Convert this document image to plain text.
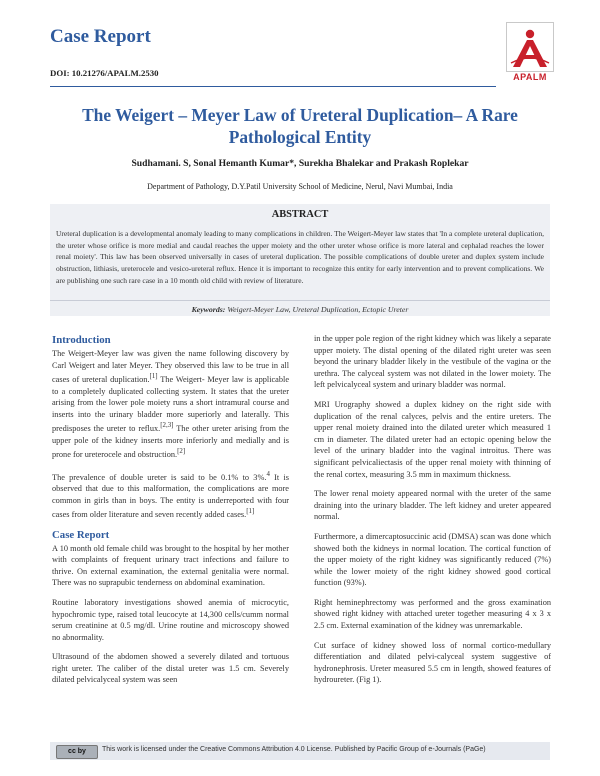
Case Report
DOI: 10.21276/APALM.2530	APALM
The Weigert – Meyer Law of Ureteral Duplication– A Rare Pathological Entity
Sudhamani. S, Sonal Hemanth Kumar*, Surekha Bhalekar and Prakash Roplekar
Department of Pathology, D.Y.Patil University School of Medicine, Nerul, Navi Mumbai, India
ABSTRACT
Ureteral duplication is a developmental anomaly leading to many complications in children. The Weigert-Meyer law states that 'In a complete ureteral duplication, the ureter whose orifice is more medial and caudal reaches the upper moiety and the other ureter whose orifice is more lateral and cephalad reaches the lower renal moiety'. This law has been observed universally in cases of ureteral duplication. The possible complications of double ureter and duplex system include obstruction, lithiasis, ureterocele and vesico-ureteral reflux. Hence it is important to recognize this entity for early intervention and to prevent complications. We are publishing one such rare case in a 10 month old child with review of literature.
Keywords: Weigert-Meyer Law, Ureteral Duplication, Ectopic Ureter
Introduction

The Weigert-Meyer law was given the name following discovery by Carl Weigert and later Meyer. They observed this law to be true in all cases of ureteral duplication.[1] The Weigert- Meyer law is applicable to a completely duplicated collecting system. It states that the ureter arising from the lower pole moiety runs a short intramural course and inserts into the urinary bladder more superiorly and laterally. This predisposes the ureter to reflux.[2,3] The other ureter arising from the upper pole of the kidney inserts more inferiorly and medially and is prone for ureterocele and obstruction.[2]

The prevalence of double ureter is said to be 0.1% to 3%.$^4$ It is observed that due to this malformation, the complications are more common in girls than in boys. The entity is underreported with four cases from older literature and seven recently added cases.[1]

Case Report

A 10 month old female child was brought to the hospital by her mother with complaints of frequent urinary tract infections and failure to thrive. On external examination, the external genitalia were normal. There was no suprapubic tenderness on abdominal examination.

Routine laboratory investigations showed anemia of microcytic, hypochromic type, raised total leucocyte at 14,300 cells/cumm normal serum creatinine at 0.5 mg/dl. Urine routine and microscopy showed no abnormality.

Ultrasound of the abdomen showed a severely dilated and tortuous right ureter. The caliber of the distal ureter was 1.5 cm. Severely dilated pelvicalyceal system was seen

in the upper pole region of the right kidney which was likely a separate upper moiety. The distal opening of the dilated right ureter was seen beyond the urinary bladder likely in the vestibule of the vagina or the urethra. The calyceal system was not dilated in the lower moiety. The left pelvicalyceal system and urinary bladder was normal.

MRI Urography showed a duplex kidney on the right side with duplication of the renal calyces, pelvis and the entire ureters. The upper renal moiety drained into the dilated ureter which measured 1 cm in diameter. The dilated ureter had an ectopic opening below the level of the urinary bladder into the vaginal introitus. There was significant pelvicaliectasis of the upper renal moiety with thinning of the renal cortex, measuring 3.5 mm in maximum thickness.

The lower renal moiety appeared normal with the ureter of the same draining into the urinary bladder. The left kidney and ureter appeared normal.

Furthermore, a dimercaptosuccinic acid (DMSA) scan was done which showed both the kidneys in normal location. The cortical function of the upper moiety of the right kidney was significantly reduced (7%) while the lower moiety of the right kidney showed good cortical function (93%).

Right heminephrectomy was performed and the gross examination showed right kidney with attached ureter together measuring 4 x 3 x 2.5 cm. External examination of the kidney was unremarkable.

Cut surface of kidney showed loss of normal cortico-medullary differentiation and dilated pelvi-calyceal system suggestive of hydronephrosis. Ureter measured 5.5 cm in length, showed features of hydroureter. (Fig 1).

cc by	This work is licensed under the Creative Commons Attribution 4.0 License. Published by Pacific Group of e-Journals (PaGe)
